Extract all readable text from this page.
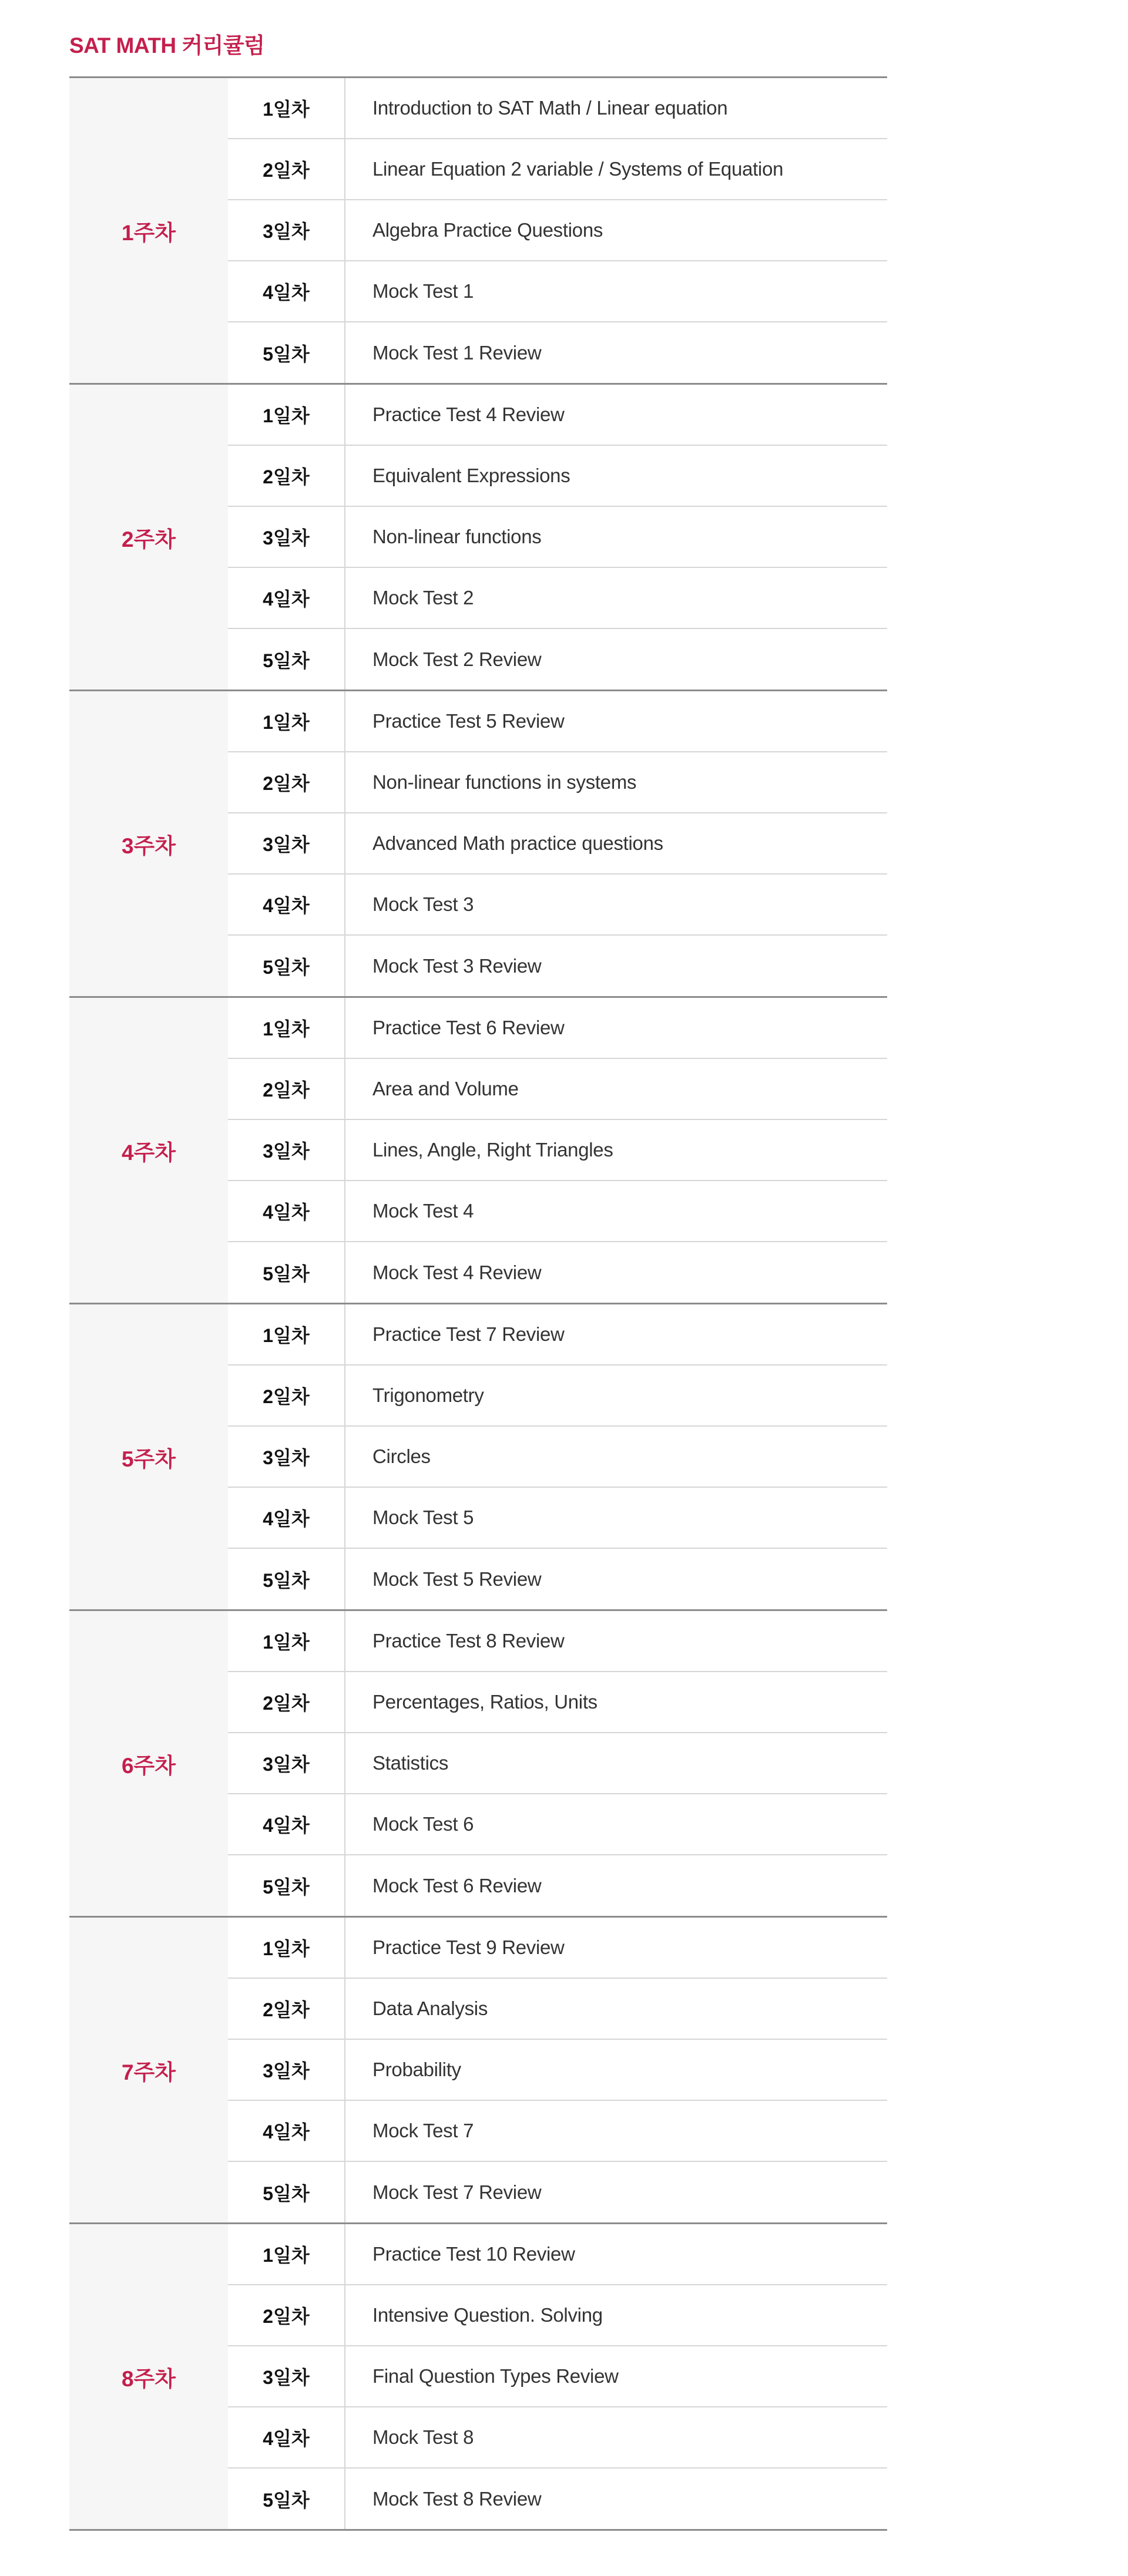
SAT MATH 커리큘럼
1주차
1일차	Introduction to SAT Math / Linear equation
2일차	Linear Equation 2 variable / Systems of Equation
3일차	Algebra Practice Questions
4일차	Mock Test 1
5일차	Mock Test 1 Review
2주차
1일차	Practice Test 4 Review
2일차	Equivalent Expressions
3일차	Non-linear functions
4일차	Mock Test 2
5일차	Mock Test 2 Review
3주차
1일차	Practice Test 5 Review
2일차	Non-linear functions in systems
3일차	Advanced Math practice questions
4일차	Mock Test 3
5일차	Mock Test 3 Review
4주차
1일차	Practice Test 6 Review
2일차	Area and Volume
3일차	Lines, Angle, Right Triangles
4일차	Mock Test 4
5일차	Mock Test 4 Review
5주차
1일차	Practice Test 7 Review
2일차	Trigonometry
3일차	Circles
4일차	Mock Test 5
5일차	Mock Test 5 Review
6주차
1일차	Practice Test 8 Review
2일차	Percentages, Ratios, Units
3일차	Statistics
4일차	Mock Test 6
5일차	Mock Test 6 Review
7주차
1일차	Practice Test 9 Review
2일차	Data Analysis
3일차	Probability
4일차	Mock Test 7
5일차	Mock Test 7 Review
8주차
1일차	Practice Test 10 Review
2일차	Intensive Question. Solving
3일차	Final Question Types Review
4일차	Mock Test 8
5일차	Mock Test 8 Review
